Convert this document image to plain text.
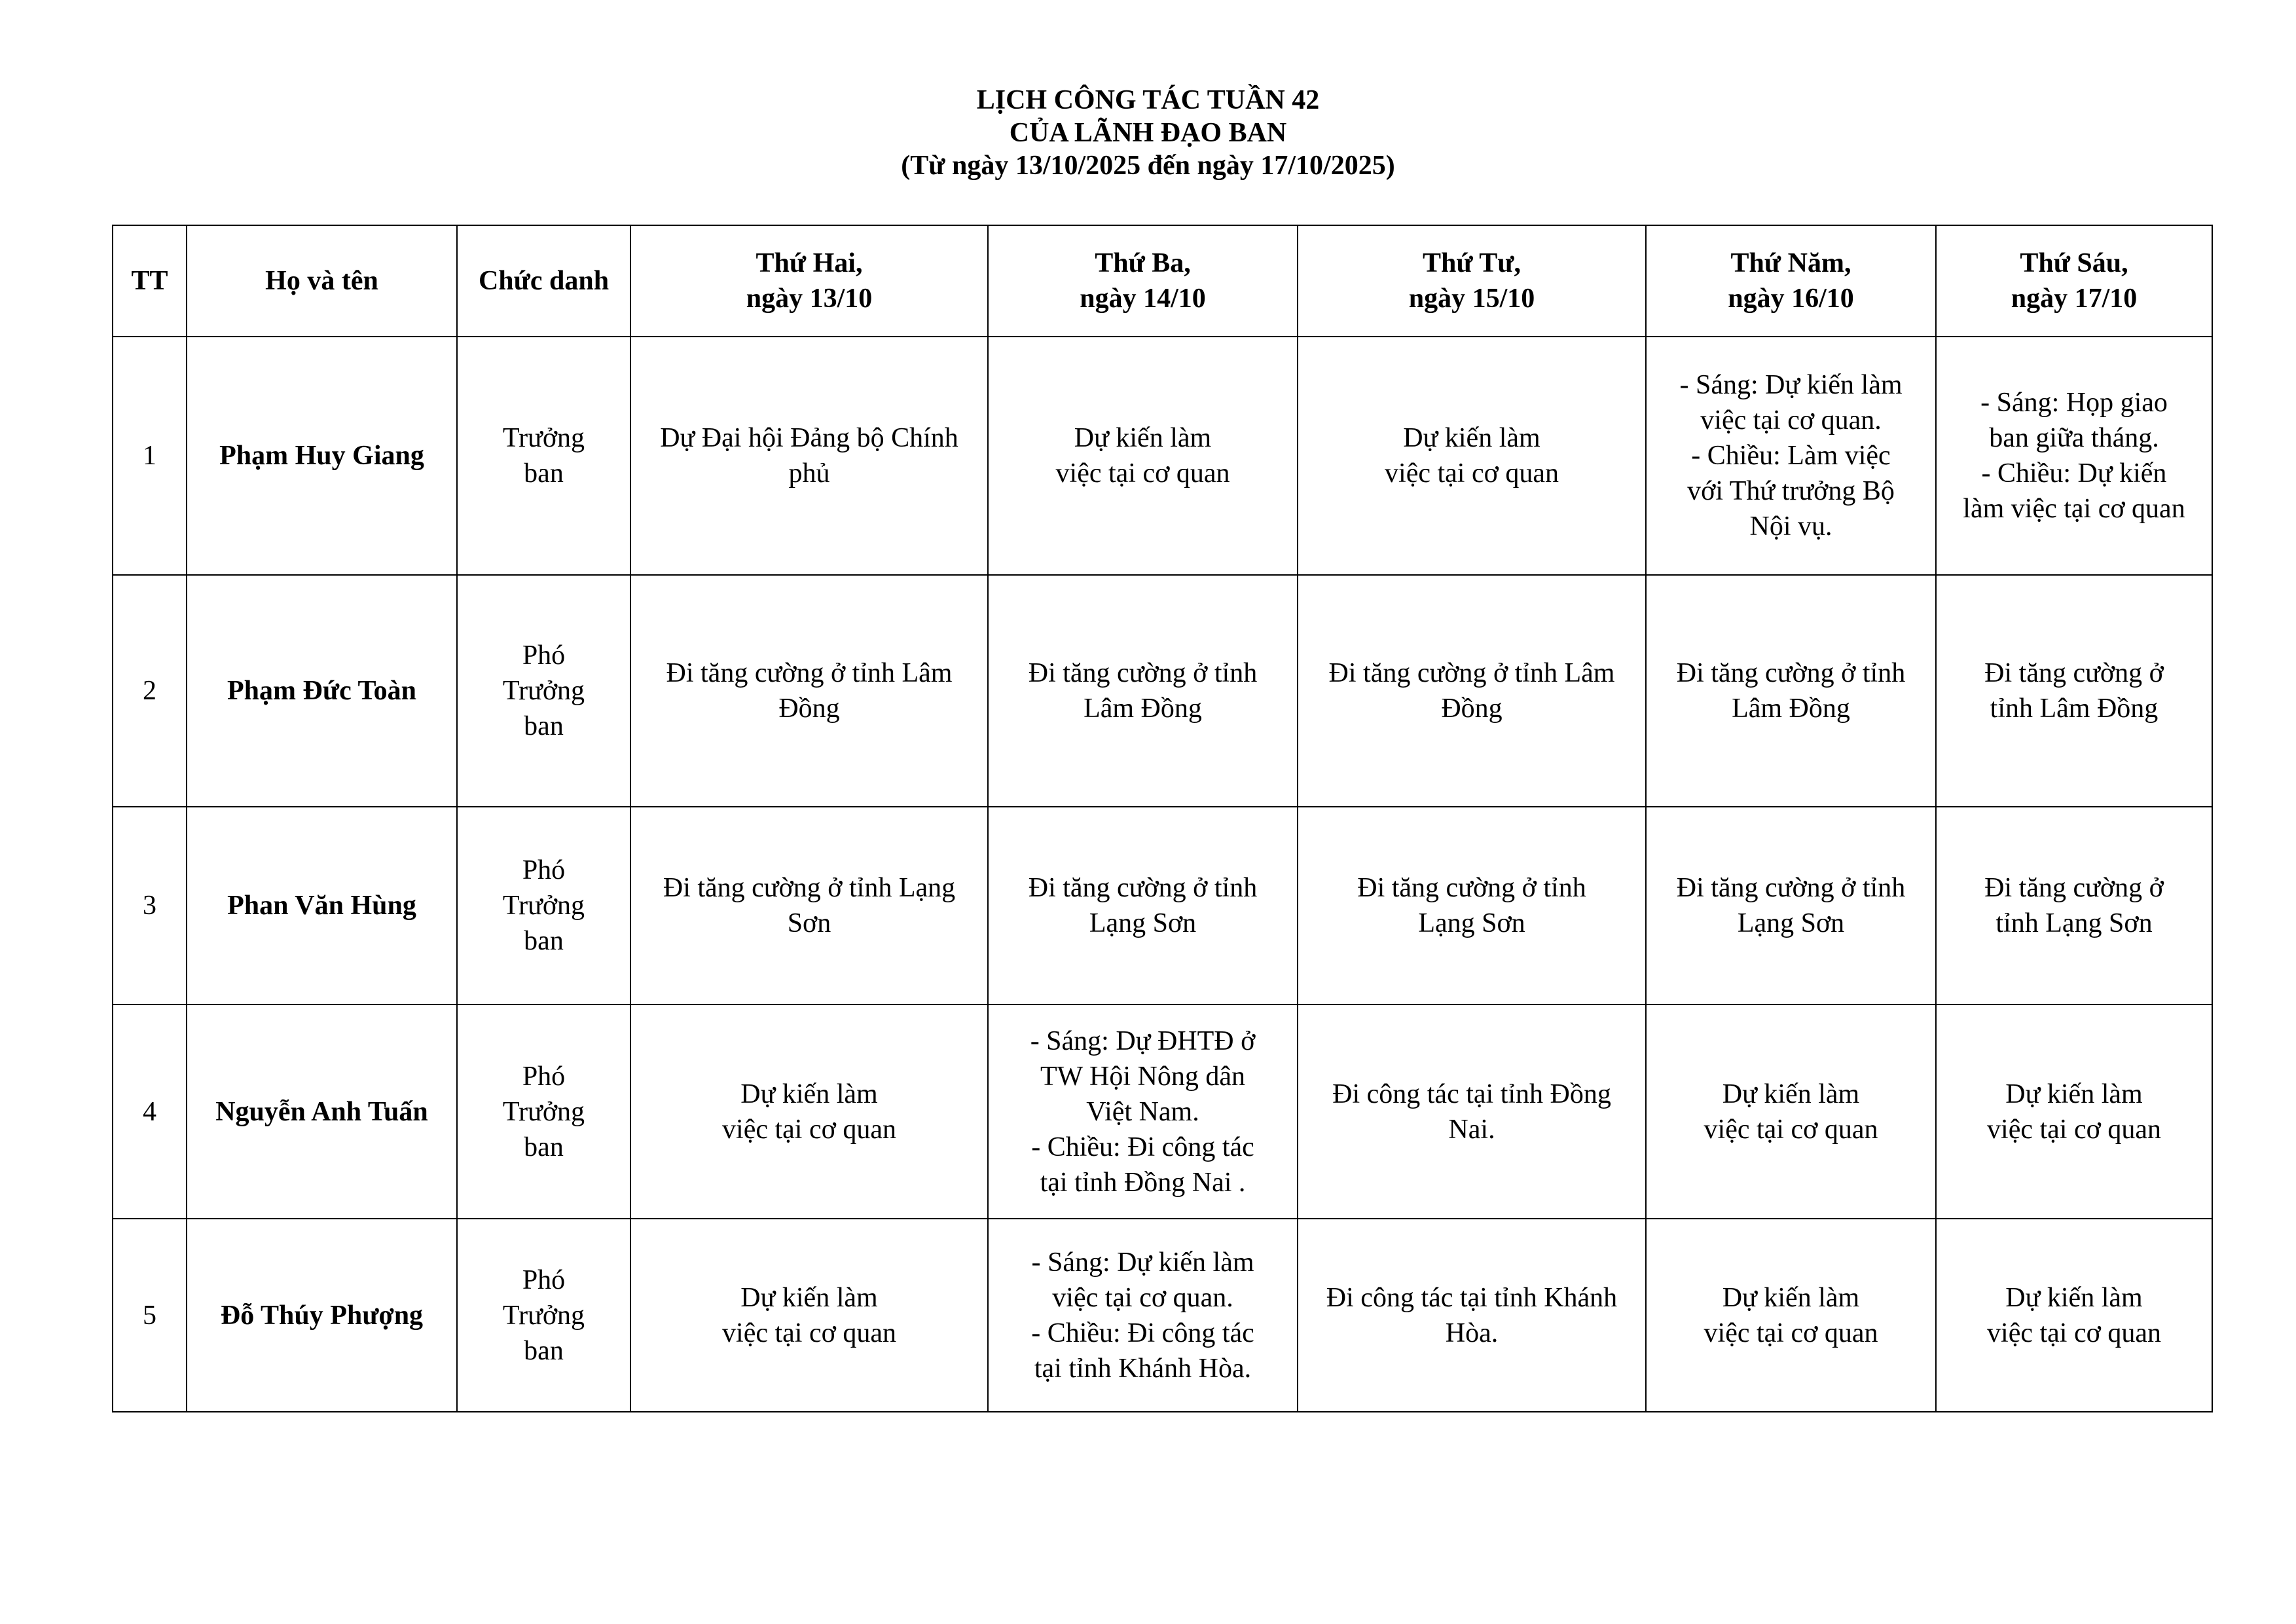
LỊCH CÔNG TÁC TUẦN 42
CỦA LÃNH ĐẠO BAN
(Từ ngày 13/10/2025 đến ngày 17/10/2025)
TT	Họ và tên	Chức danh	Thứ Hai,
ngày 13/10	Thứ Ba,
ngày 14/10	Thứ Tư,
ngày 15/10	Thứ Năm,
ngày 16/10	Thứ Sáu,
ngày 17/10

1	Phạm Huy Giang	Trưởng
ban	Dự Đại hội Đảng bộ Chính
phủ	Dự kiến làm
việc tại cơ quan	Dự kiến làm
việc tại cơ quan	- Sáng: Dự kiến làm
việc tại cơ quan.
- Chiều: Làm việc
với Thứ trưởng Bộ
Nội vụ.	- Sáng: Họp giao
ban giữa tháng.
- Chiều: Dự kiến
làm việc tại cơ quan

2	Phạm Đức Toàn	Phó
Trưởng
ban	Đi tăng cường ở tỉnh Lâm
Đồng	Đi tăng cường ở tỉnh
Lâm Đồng	Đi tăng cường ở tỉnh Lâm
Đồng	Đi tăng cường ở tỉnh
Lâm Đồng	Đi tăng cường ở
tỉnh Lâm Đồng

3	Phan Văn Hùng	Phó
Trưởng
ban	Đi tăng cường ở tỉnh Lạng
Sơn	Đi tăng cường ở tỉnh
Lạng Sơn	Đi tăng cường ở tỉnh
Lạng Sơn	Đi tăng cường ở tỉnh
Lạng Sơn	Đi tăng cường ở
tỉnh Lạng Sơn

4	Nguyễn Anh Tuấn	Phó
Trưởng
ban	Dự kiến làm
việc tại cơ quan	- Sáng: Dự ĐHTĐ ở
TW Hội Nông dân
Việt Nam.
- Chiều: Đi công tác
tại tỉnh Đồng Nai .	Đi công tác tại tỉnh Đồng
Nai.	Dự kiến làm
việc tại cơ quan	Dự kiến làm
việc tại cơ quan

5	Đỗ Thúy Phượng	Phó
Trưởng
ban	Dự kiến làm
việc tại cơ quan	- Sáng: Dự kiến làm
việc tại cơ quan.
- Chiều: Đi công tác
tại tỉnh Khánh Hòa.	Đi công tác tại tỉnh Khánh
Hòa.	Dự kiến làm
việc tại cơ quan	Dự kiến làm
việc tại cơ quan
